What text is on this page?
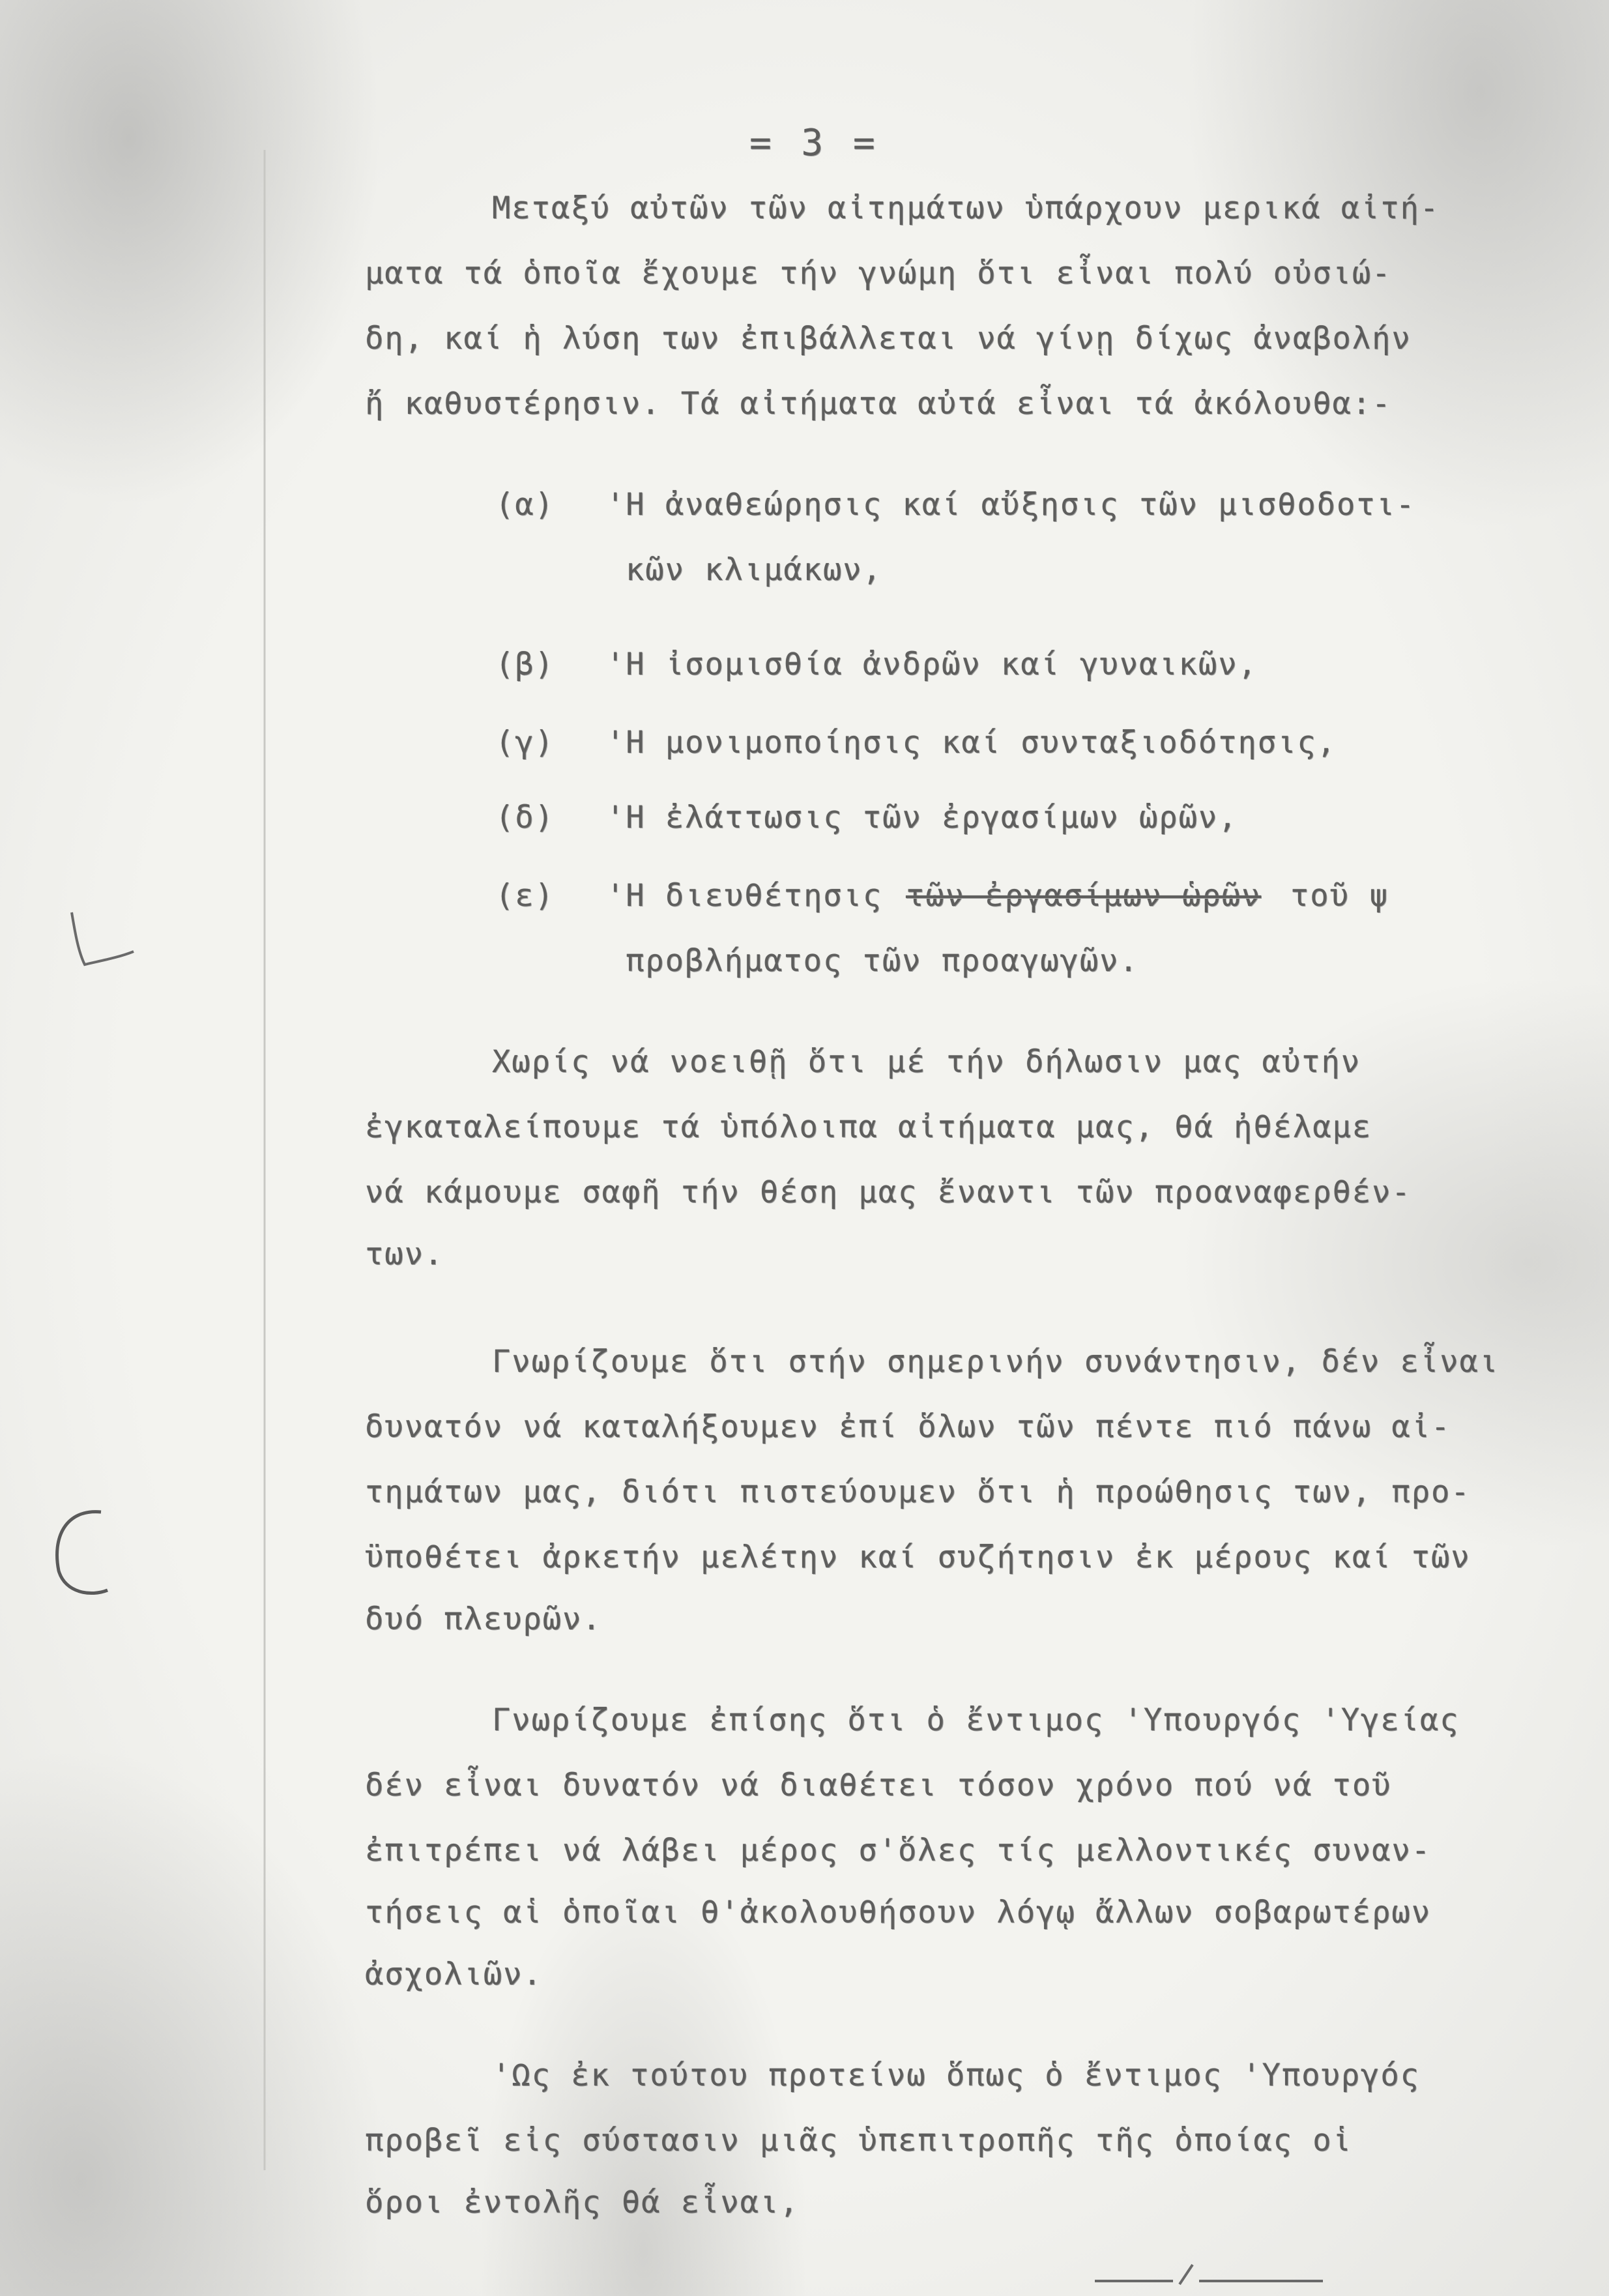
= 3 =

Μεταξύ αὐτῶν τῶν αἰτημάτων ὑπάρχουν μερικά αἰτή-

ματα τά ὁποῖα ἔχουμε τήν γνώμη ὅτι εἶναι πολύ οὐσιώ-

δη, καί ἡ λύση των ἐπιβάλλεται νά γίνῃ δίχως ἀναβολήν

ἤ καθυστέρησιν. Τά αἰτήματα αὐτά εἶναι τά ἀκόλουθα:-

(α) 'Η ἀναθεώρησις καί αὔξησις τῶν μισθοδοτι-

κῶν κλιμάκων,

(β) 'Η ἰσομισθία ἀνδρῶν καί γυναικῶν,

(γ) 'Η μονιμοποίησις καί συνταξιοδότησις,

(δ) 'Η ἐλάττωσις τῶν ἐργασίμων ὡρῶν,

(ε) 'Η διευθέτησις τῶν ἐργασίμων ὡρῶν τοῦ ψ

προβλήματος τῶν προαγωγῶν.

Χωρίς νά νοειθῇ ὅτι μέ τήν δήλωσιν μας αὐτήν

ἐγκαταλείπουμε τά ὑπόλοιπα αἰτήματα μας, θά ἠθέλαμε

νά κάμουμε σαφῆ τήν θέση μας ἔναντι τῶν προαναφερθέν-

των.

Γνωρίζουμε ὅτι στήν σημερινήν συνάντησιν, δέν εἶναι

δυνατόν νά καταλήξουμεν ἐπί ὅλων τῶν πέντε πιό πάνω αἰ-

τημάτων μας, διότι πιστεύουμεν ὅτι ἡ προώθησις των, προ-

ϋποθέτει ἀρκετήν μελέτην καί συζήτησιν ἐκ μέρους καί τῶν

δυό πλευρῶν.

Γνωρίζουμε ἐπίσης ὅτι ὁ ἔντιμος 'Υπουργός 'Υγείας

δέν εἶναι δυνατόν νά διαθέτει τόσον χρόνο πού νά τοῦ

ἐπιτρέπει νά λάβει μέρος σ'ὅλες τίς μελλοντικές συναν-

τήσεις αἱ ὁποῖαι θ'ἀκολουθήσουν λόγῳ ἄλλων σοβαρωτέρων

ἀσχολιῶν.

'Ως ἐκ τούτου προτείνω ὅπως ὁ ἔντιμος 'Υπουργός

προβεῖ εἰς σύστασιν μιᾶς ὑπεπιτροπῆς τῆς ὁποίας οἱ

ὅροι ἐντολῆς θά εἶναι,
